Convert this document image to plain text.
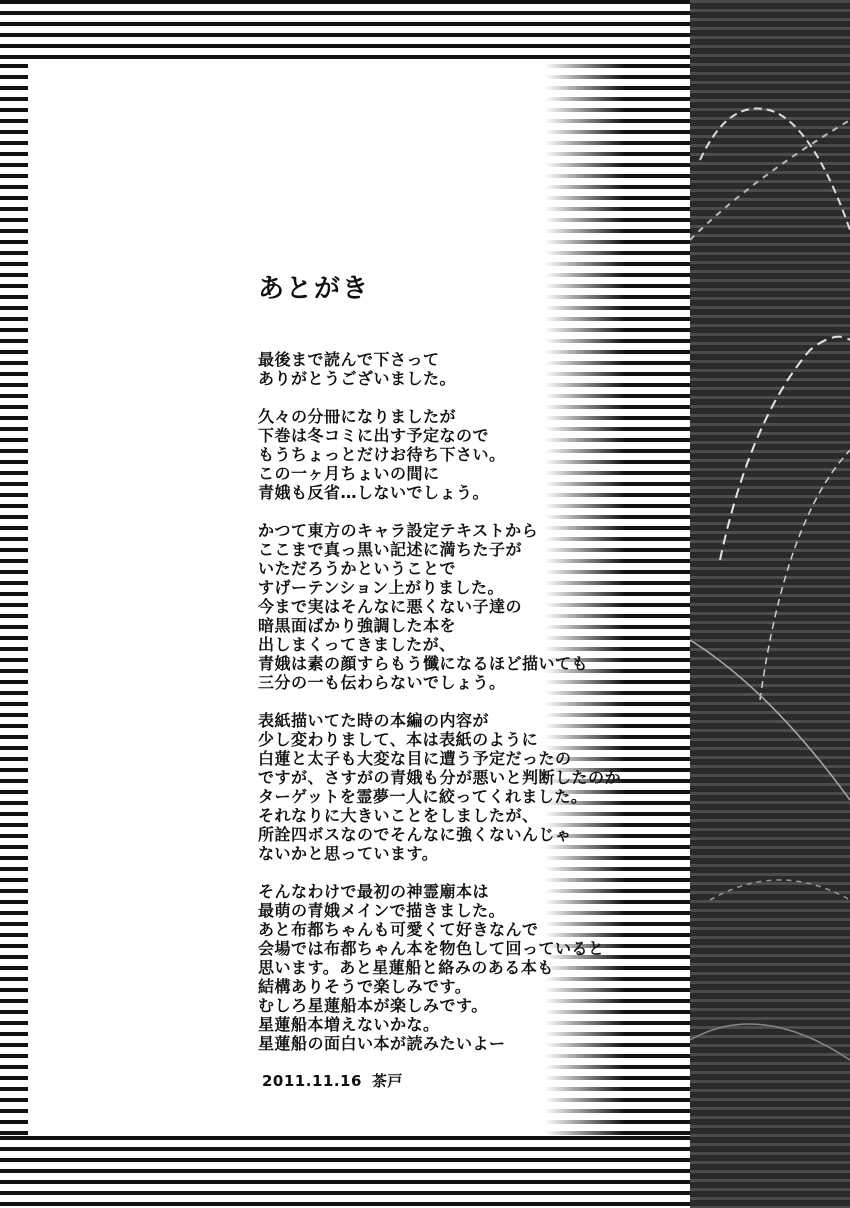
あとがき
最後まで読んで下さって
ありがとうございました。
久々の分冊になりましたが
下巻は冬コミに出す予定なので
もうちょっとだけお待ち下さい。
この一ヶ月ちょいの間に
青娥も反省…しないでしょう。
かつて東方のキャラ設定テキストから
ここまで真っ黒い記述に満ちた子が
いただろうかということで
すげーテンション上がりました。
今まで実はそんなに悪くない子達の
暗黒面ばかり強調した本を
出しまくってきましたが、
青娥は素の顔すらもう懺になるほど描いても
三分の一も伝わらないでしょう。
表紙描いてた時の本編の内容が
少し変わりまして、本は表紙のように
白蓮と太子も大変な目に遭う予定だったの
ですが、さすがの青娥も分が悪いと判断したのか
ターゲットを霊夢一人に絞ってくれました。
それなりに大きいことをしましたが、
所詮四ボスなのでそんなに強くないんじゃ
ないかと思っています。
そんなわけで最初の神霊廟本は
最萌の青娥メインで描きました。
あと布都ちゃんも可愛くて好きなんで
会場では布都ちゃん本を物色して回っていると
思います。あと星蓮船と絡みのある本も
結構ありそうで楽しみです。
むしろ星蓮船本が楽しみです。
星蓮船本増えないかな。
星蓮船の面白い本が読みたいよー
2011.11.16 茶戸
